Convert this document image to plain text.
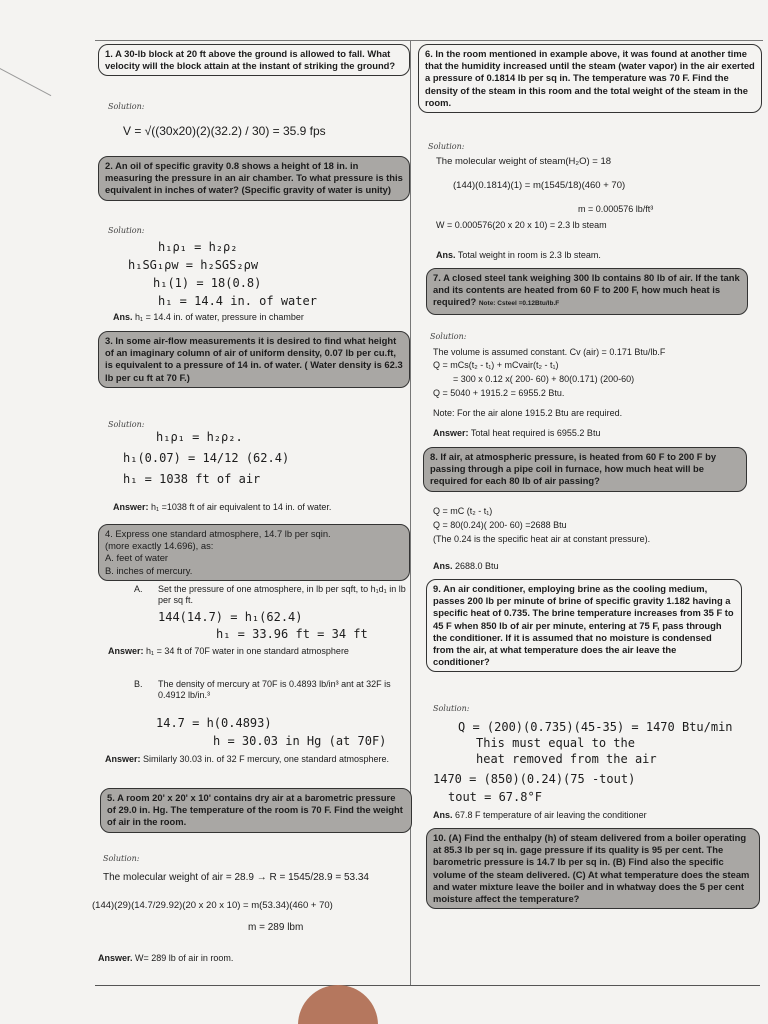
1. A 30-lb block at 20 ft above the ground is allowed to fall. What velocity will the block attain at the instant of striking the ground?
Solution:
V = √((30x20)(2)(32.2) / 30) = 35.9 fps
2. An oil of specific gravity 0.8 shows a height of 18 in. in measuring the pressure in an air chamber. To what pressure is this equivalent in inches of water? (Specific gravity of water is unity)
Solution:
h₁ρ₁ = h₂ρ₂
h₁SG₁ρw = h₂SGS₂ρw
h₁(1) = 18(0.8)
h₁ = 14.4 in. of water
Ans. h₁ = 14.4 in. of water, pressure in chamber
3. In some air-flow measurements it is desired to find what height of an imaginary column of air of uniform density, 0.07 lb per cu.ft, is equivalent to a pressure of 14 in. of water. ( Water density is 62.3 lb per cu ft at 70 F.)
Solution:
h₁ρ₁ = h₂ρ₂.
h₁(0.07) = 14/12 (62.4)
h₁ = 1038 ft of air
Answer: h₁ =1038 ft of air equivalent to 14 in. of water.
4. Express one standard atmosphere, 14.7 lb per sqin.
(more exactly 14.696), as:
A. feet of water
B. inches of mercury.
A. Set the pressure of one atmosphere, in lb per sqft, to h₁d₁ in lb per sq ft.
144(14.7) = h₁(62.4)
h₁ = 33.96 ft = 34 ft
Answer: h₁ = 34 ft of 70F water in one standard atmosphere
B. The density of mercury at 70F is 0.4893 lb/in³ ant at 32F is 0.4912 lb/in.³
14.7 = h(0.4893)
h = 30.03 in Hg (at 70F)
Answer: Similarly 30.03 in. of 32 F mercury, one standard atmosphere.
5. A room 20' x 20' x 10' contains dry air at a barometric pressure of 29.0 in. Hg. The temperature of the room is 70 F. Find the weight of air in the room.
Solution:
The molecular weight of air = 28.9 → R = 1545/28.9 = 53.34
(144)(29)(14.7/29.92)(20 x 20 x 10) = m(53.34)(460 + 70)
m = 289 lbm
Answer. W= 289 lb of air in room.
6. In the room mentioned in example above, it was found at another time that the humidity increased until the steam (water vapor) in the air exerted a pressure of 0.1814 lb per sq in. The temperature was 70 F. Find the density of the steam in this room and the total weight of the steam in the room.
Solution:
The molecular weight of steam(H₂O) = 18
(144)(0.1814)(1) = m(1545/18)(460 + 70)
m = 0.000576 lb/ft³
W = 0.000576(20 x 20 x 10) = 2.3 lb steam
Ans. Total weight in room is 2.3 lb steam.
7. A closed steel tank weighing 300 lb contains 80 lb of air. If the tank and its contents are heated from 60 F to 200 F, how much heat is required? Note: Csteel =0.12Btu/lb.F
Solution:
The volume is assumed constant. Cv (air) = 0.171 Btu/lb.F
Q = mCs(t₂ - t₁) + mCvair(t₂ - t₁)
= 300 x 0.12 x( 200- 60) + 80(0.171) (200-60)
Q = 5040 + 1915.2 = 6955.2 Btu.
Note: For the air alone 1915.2 Btu are required.
Answer: Total heat required is 6955.2 Btu
8. If air, at atmospheric pressure, is heated from 60 F to 200 F by passing through a pipe coil in furnace, how much heat will be required for each 80 lb of air passing?
Q = mC (t₂ - t₁)
Q = 80(0.24)( 200- 60) =2688 Btu
(The 0.24 is the specific heat air at constant pressure).
Ans. 2688.0 Btu
9. An air conditioner, employing brine as the cooling medium, passes 200 lb per minute of brine of specific gravity 1.182 having a specific heat of 0.735. The brine temperature increases from 35 F to 45 F when 850 lb of air per minute, entering at 75 F, pass through the conditioner. If it is assumed that no moisture is condensed from the air, at what temperature does the air leave the conditioner?
Solution:
Q = (200)(0.735)(45-35) = 1470 Btu/min
This must equal to the
heat removed from the air
1470 = (850)(0.24)(75 -tout)
tout = 67.8°F
Ans. 67.8 F temperature of air leaving the conditioner
10. (A) Find the enthalpy (h) of steam delivered from a boiler operating at 85.3 lb per sq in. gage pressure if its quality is 95 per cent. The barometric pressure is 14.7 lb per sq in. (B) Find also the specific volume of the steam delivered. (C) At what temperature does the steam and water mixture leave the boiler and in whatway does the 5 per cent moisture affect the temperature?
